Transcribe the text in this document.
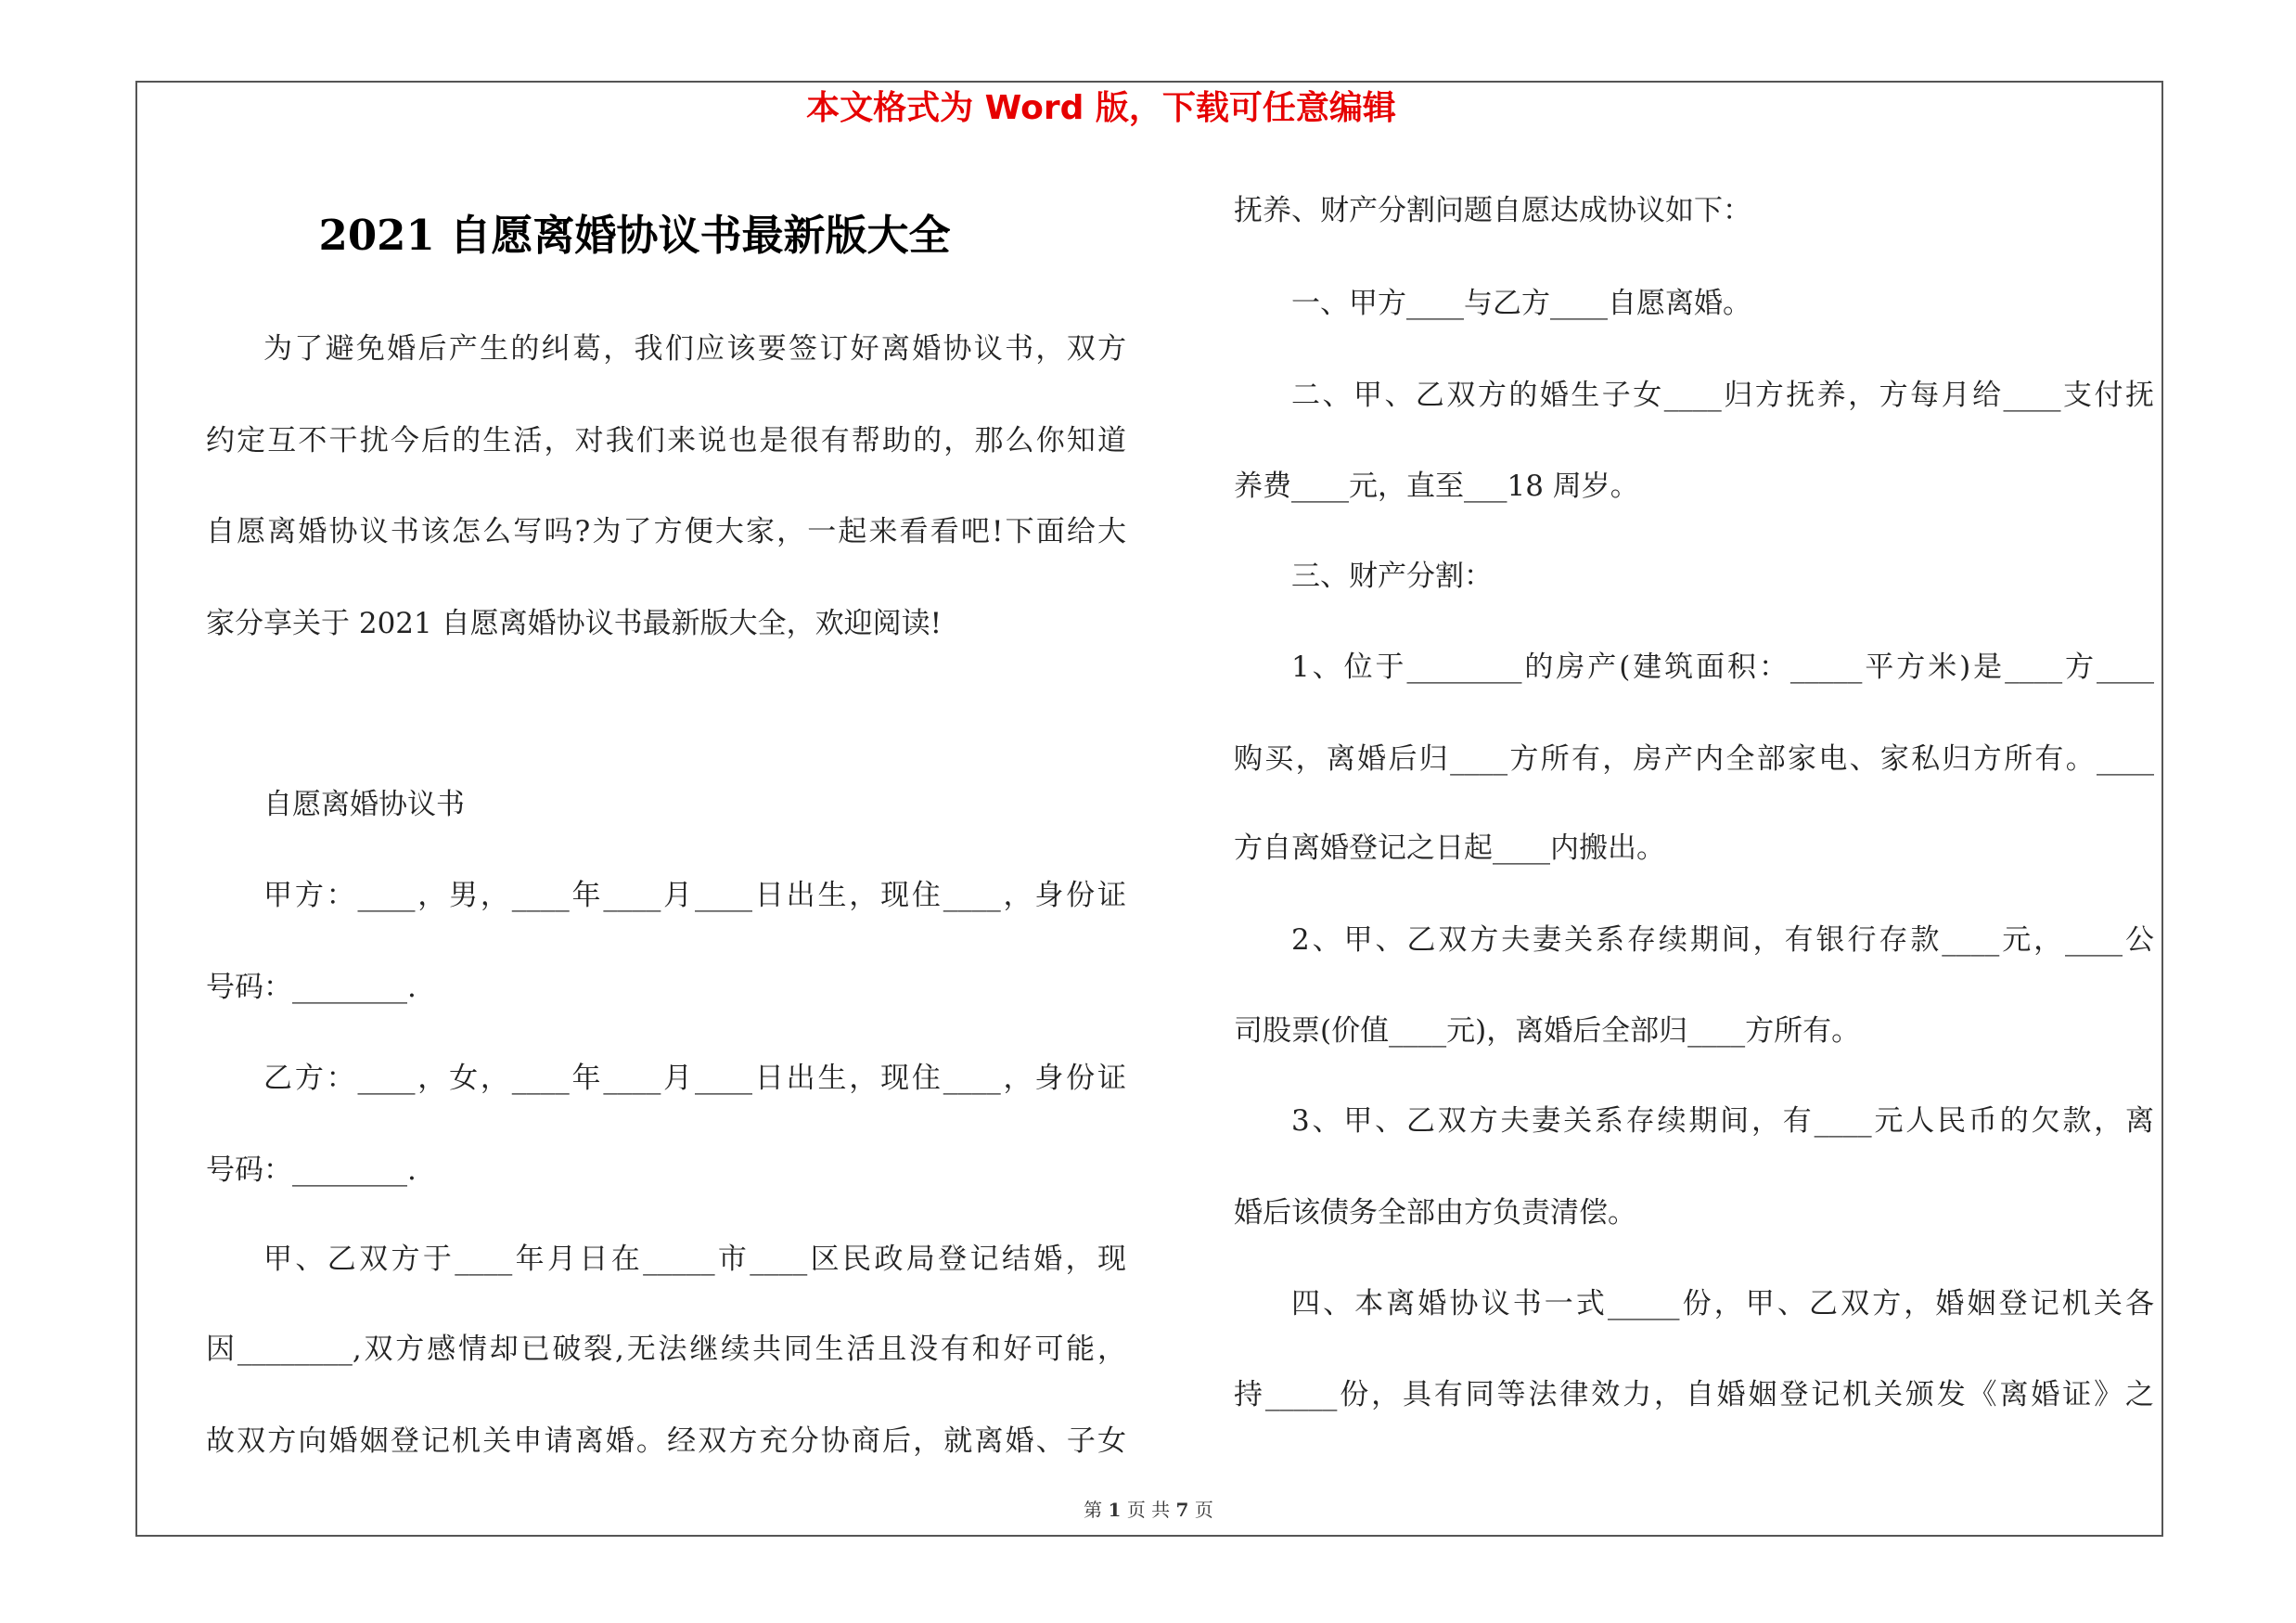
本文格式为 Word 版，下载可任意编辑
2021 自愿离婚协议书最新版大全
为了避免婚后产生的纠葛，我们应该要签订好离婚协议书，双方
约定互不干扰今后的生活，对我们来说也是很有帮助的，那么你知道
自愿离婚协议书该怎么写吗?为了方便大家，一起来看看吧!下面给大
家分享关于 2021 自愿离婚协议书最新版大全，欢迎阅读!
自愿离婚协议书
甲方：____，男，____年____月____日出生，现住____，身份证
号码：________.
乙方：____，女，____年____月____日出生，现住____，身份证
号码：________.
甲、乙双方于____年月日在_____市____区民政局登记结婚，现
因________,双方感情却已破裂,无法继续共同生活且没有和好可能，
故双方向婚姻登记机关申请离婚。经双方充分协商后，就离婚、子女
抚养、财产分割问题自愿达成协议如下：
一、甲方____与乙方____自愿离婚。
二、甲、乙双方的婚生子女____归方抚养，方每月给____支付抚
养费____元，直至___18 周岁。
三、财产分割：
1、位于________的房产(建筑面积：_____平方米)是____方____
购买，离婚后归____方所有，房产内全部家电、家私归方所有。____
方自离婚登记之日起____内搬出。
2、甲、乙双方夫妻关系存续期间，有银行存款____元，____公
司股票(价值____元)，离婚后全部归____方所有。
3、甲、乙双方夫妻关系存续期间，有____元人民币的欠款，离
婚后该债务全部由方负责清偿。
四、本离婚协议书一式_____份，甲、乙双方，婚姻登记机关各
持_____份，具有同等法律效力，自婚姻登记机关颁发《离婚证》之
第 1 页 共 7 页
